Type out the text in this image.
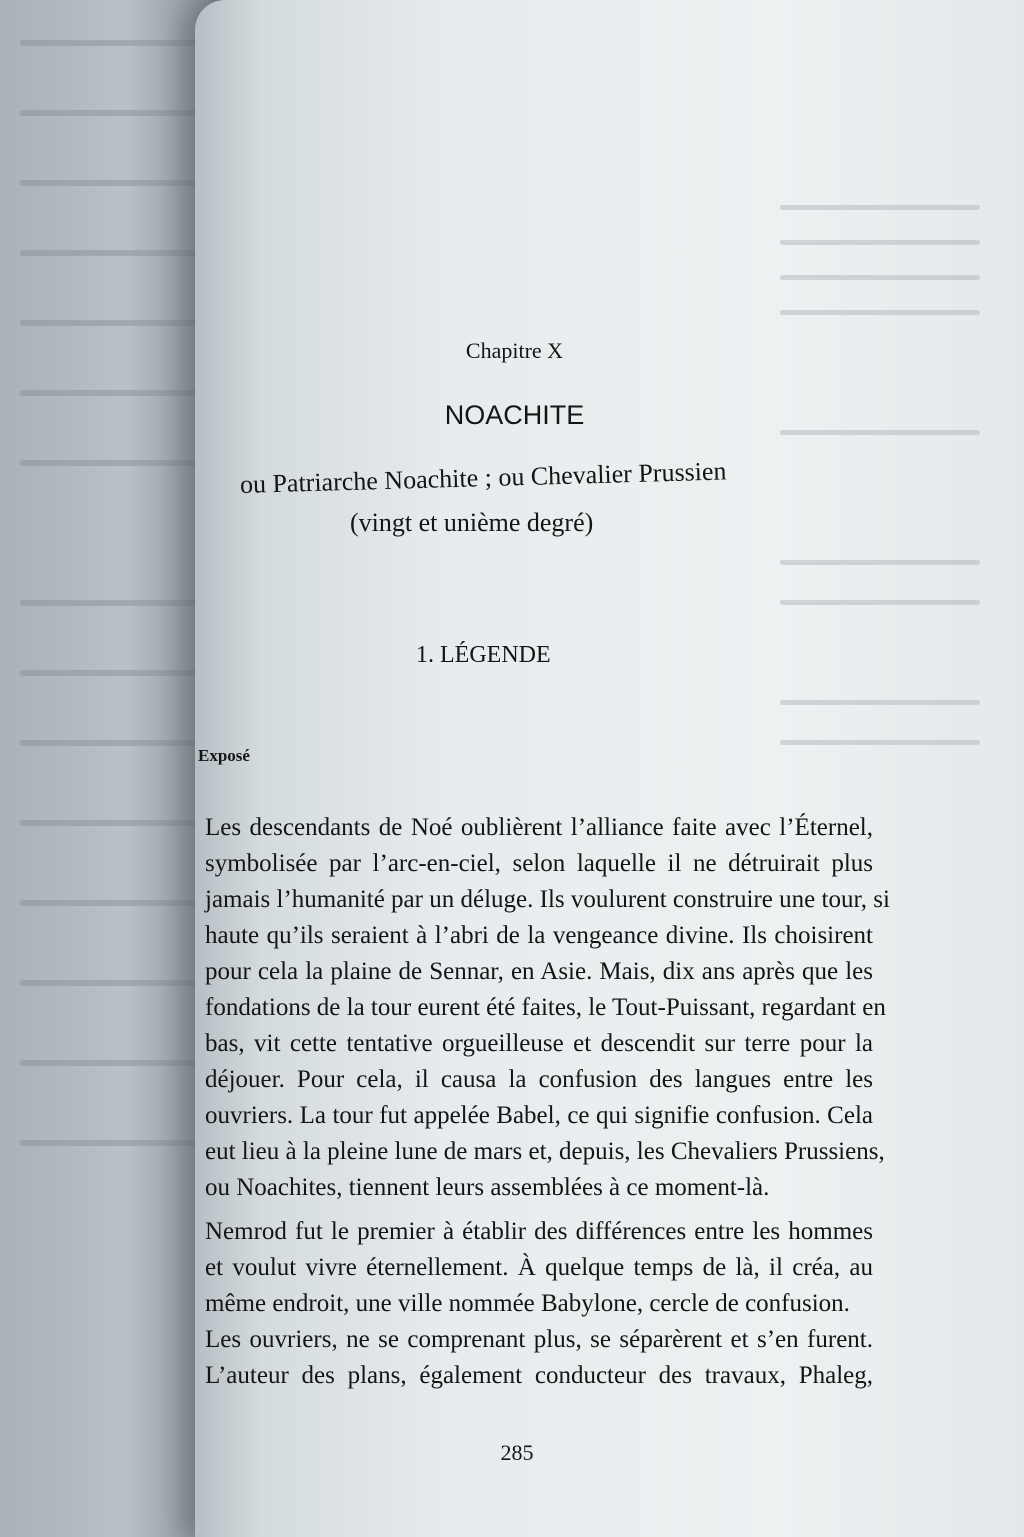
Chapitre X
NOACHITE
ou Patriarche Noachite ; ou Chevalier Prussien
(vingt et unième degré)
1. LÉGENDE
Exposé
Les descendants de Noé oublièrent l’alliance faite avec l’Éternel,
symbolisée par l’arc-en-ciel, selon laquelle il ne détruirait plus
jamais l’humanité par un déluge. Ils voulurent construire une tour, si
haute qu’ils seraient à l’abri de la vengeance divine. Ils choisirent
pour cela la plaine de Sennar, en Asie. Mais, dix ans après que les
fondations de la tour eurent été faites, le Tout-Puissant, regardant en
bas, vit cette tentative orgueilleuse et descendit sur terre pour la
déjouer. Pour cela, il causa la confusion des langues entre les
ouvriers. La tour fut appelée Babel, ce qui signifie confusion. Cela
eut lieu à la pleine lune de mars et, depuis, les Chevaliers Prussiens,
ou Noachites, tiennent leurs assemblées à ce moment-là.
Nemrod fut le premier à établir des différences entre les hommes
et voulut vivre éternellement. À quelque temps de là, il créa, au
même endroit, une ville nommée Babylone, cercle de confusion.
Les ouvriers, ne se comprenant plus, se séparèrent et s’en furent.
L’auteur des plans, également conducteur des travaux, Phaleg,
285
